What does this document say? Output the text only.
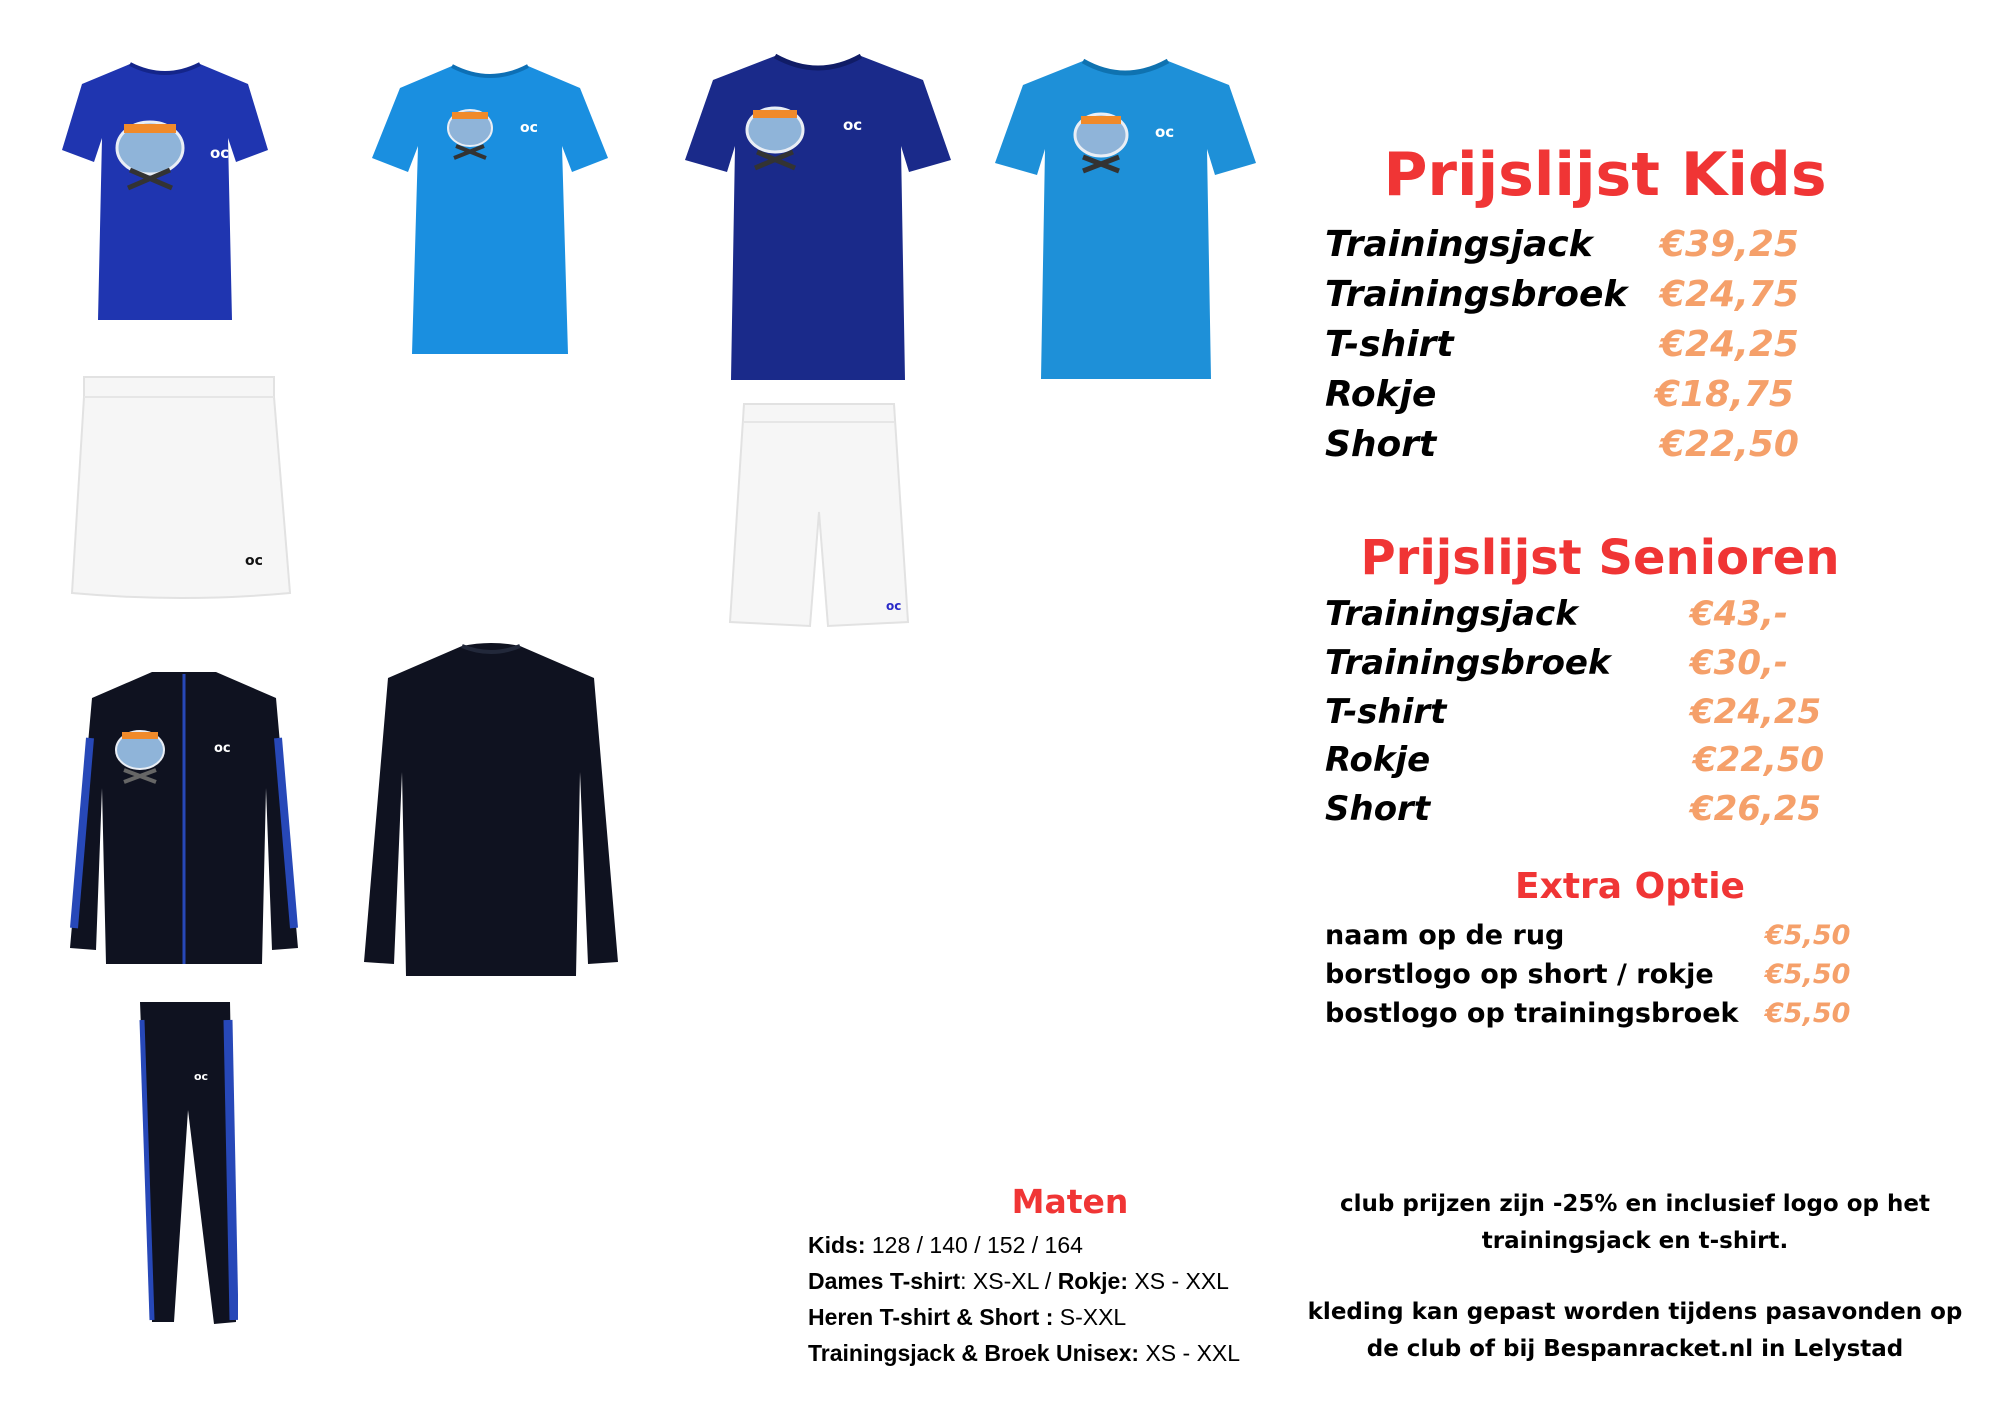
oc
oc	oc	oc
oc
oc
oc
oc
Prijslijst Kids
Trainingsjack €39,25
Trainingsbroek €24,75
T-shirt	€24,25
Rokje	€18,75
Short	€22,50
Prijslijst Senioren
Trainingsjack	€43,-
Trainingsbroek €30,-
T-shirt	€24,25
Rokje	€22,50
Short	€26,25
Extra Optie
naam op de rug	€5,50
borstlogo op short / rokje €5,50
bostlogo op trainingsbroek €5,50
Maten
Kids: 128 / 140 / 152 / 164
Dames T-shirt: XS-XL / Rokje: XS - XXL
Heren T-shirt & Short : S-XXL
Trainingsjack & Broek Unisex: XS - XXL
club prijzen zijn -25% en inclusief logo op het trainingsjack en t-shirt.
kleding kan gepast worden tijdens pasavonden op de club of bij Bespanracket.nl in Lelystad
